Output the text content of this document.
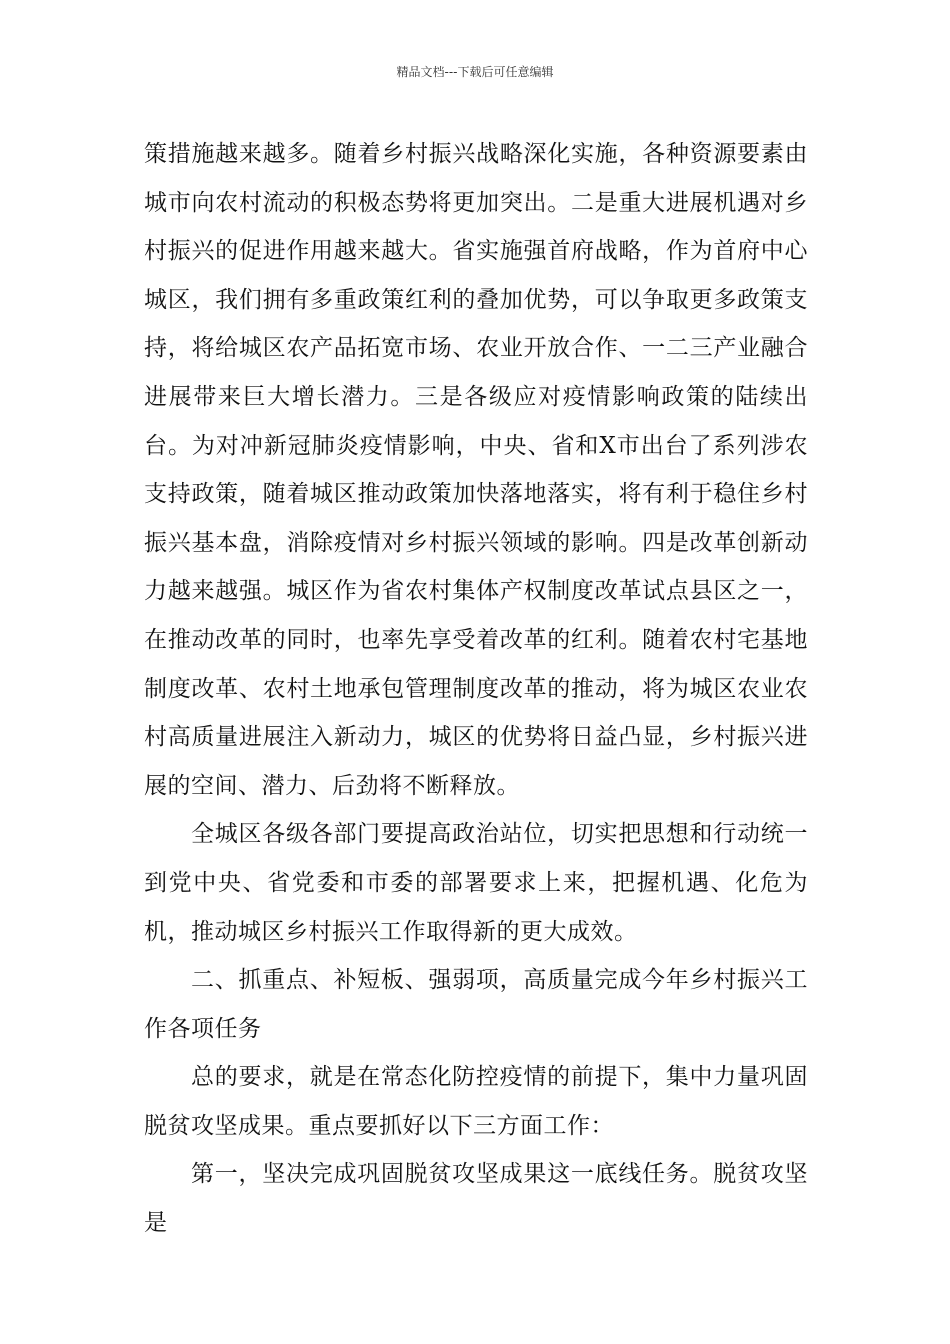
精品文档---下载后可任意编辑

策措施越来越多。随着乡村振兴战略深化实施，各种资源要素由城市向农村流动的积极态势将更加突出。二是重大进展机遇对乡村振兴的促进作用越来越大。省实施强首府战略，作为首府中心城区，我们拥有多重政策红利的叠加优势，可以争取更多政策支持，将给城区农产品拓宽市场、农业开放合作、一二三产业融合进展带来巨大增长潜力。三是各级应对疫情影响政策的陆续出台。为对冲新冠肺炎疫情影响，中央、省和X市出台了系列涉农支持政策，随着城区推动政策加快落地落实，将有利于稳住乡村振兴基本盘，消除疫情对乡村振兴领域的影响。四是改革创新动力越来越强。城区作为省农村集体产权制度改革试点县区之一，在推动改革的同时，也率先享受着改革的红利。随着农村宅基地制度改革、农村土地承包管理制度改革的推动，将为城区农业农村高质量进展注入新动力，城区的优势将日益凸显，乡村振兴进展的空间、潜力、后劲将不断释放。

全城区各级各部门要提高政治站位，切实把思想和行动统一到党中央、省党委和市委的部署要求上来，把握机遇、化危为机，推动城区乡村振兴工作取得新的更大成效。

二、抓重点、补短板、强弱项，高质量完成今年乡村振兴工作各项任务

总的要求，就是在常态化防控疫情的前提下，集中力量巩固脱贫攻坚成果。重点要抓好以下三方面工作：

第一，坚决完成巩固脱贫攻坚成果这一底线任务。脱贫攻坚是
